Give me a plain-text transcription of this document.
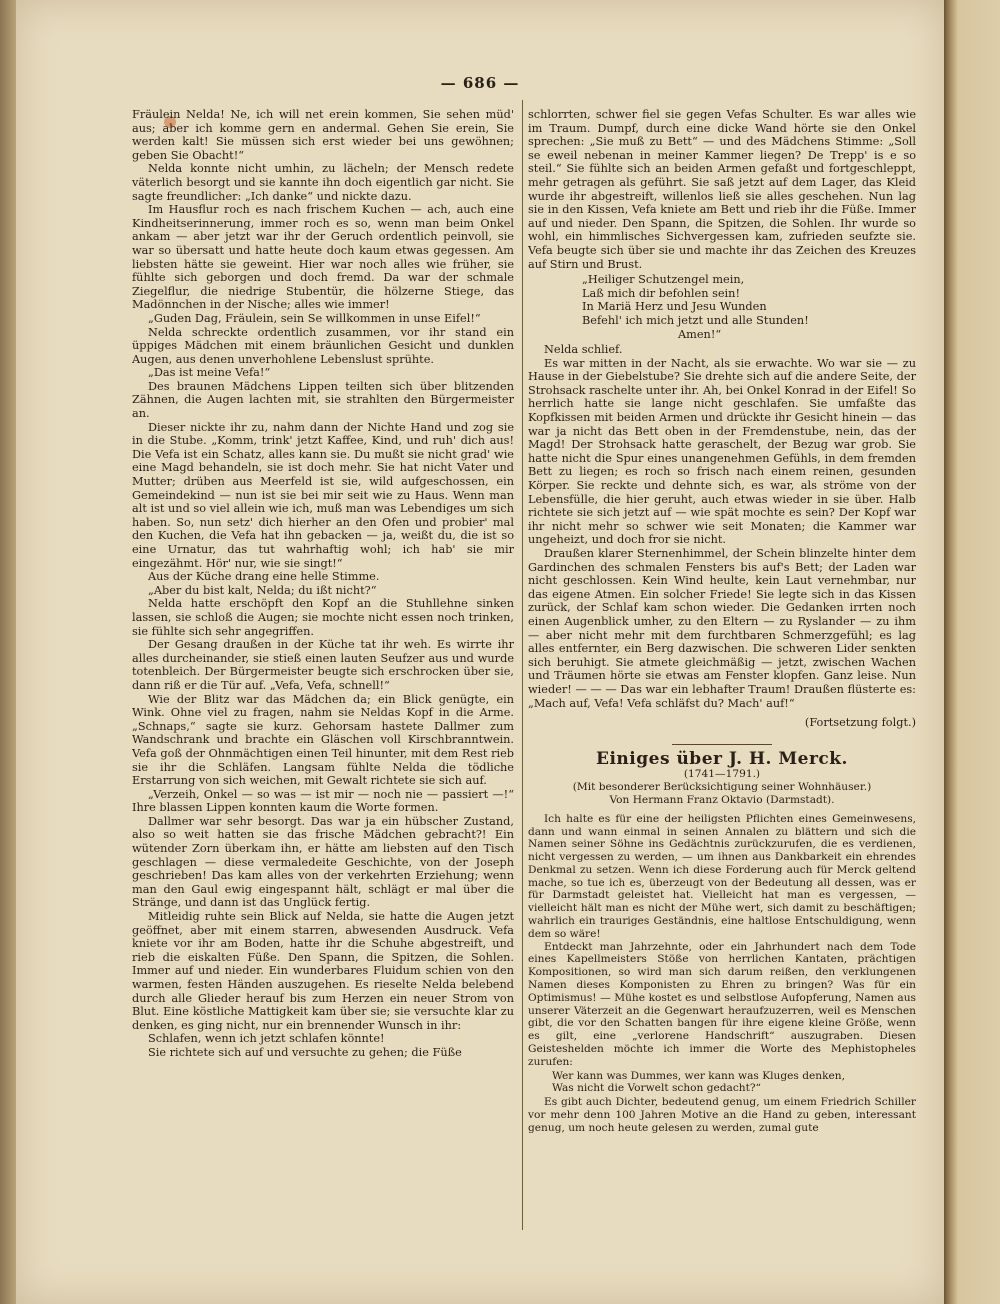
— 686 —

Fräulein Nelda! Ne, ich will net erein kommen, Sie sehen müd' aus; aber ich komme gern en andermal. Gehen Sie erein, Sie werden kalt! Sie müssen sich erst wieder bei uns gewöhnen; geben Sie Obacht!“

Nelda konnte nicht umhin, zu lächeln; der Mensch redete väterlich besorgt und sie kannte ihn doch eigentlich gar nicht. Sie sagte freundlicher: „Ich danke“ und nickte dazu.

Im Hausflur roch es nach frischem Kuchen — ach, auch eine Kindheitserinnerung, immer roch es so, wenn man beim Onkel ankam — aber jetzt war ihr der Geruch ordentlich peinvoll, sie war so übersatt und hatte heute doch kaum etwas gegessen. Am liebsten hätte sie geweint. Hier war noch alles wie früher, sie fühlte sich geborgen und doch fremd. Da war der schmale Ziegelflur, die niedrige Stubentür, die hölzerne Stiege, das Madönnchen in der Nische; alles wie immer!

„Guden Dag, Fräulein, sein Se willkommen in unse Eifel!“

Nelda schreckte ordentlich zusammen, vor ihr stand ein üppiges Mädchen mit einem bräunlichen Gesicht und dunklen Augen, aus denen unverhohlene Lebenslust sprühte.

„Das ist meine Vefa!“

Des braunen Mädchens Lippen teilten sich über blitzenden Zähnen, die Augen lachten mit, sie strahlten den Bürgermeister an.

Dieser nickte ihr zu, nahm dann der Nichte Hand und zog sie in die Stube. „Komm, trink' jetzt Kaffee, Kind, und ruh' dich aus! Die Vefa ist ein Schatz, alles kann sie. Du mußt sie nicht grad' wie eine Magd behandeln, sie ist doch mehr. Sie hat nicht Vater und Mutter; drüben aus Meerfeld ist sie, wild aufgeschossen, ein Gemeindekind — nun ist sie bei mir seit wie zu Haus. Wenn man alt ist und so viel allein wie ich, muß man was Lebendiges um sich haben. So, nun setz' dich hierher an den Ofen und probier' mal den Kuchen, die Vefa hat ihn gebacken — ja, weißt du, die ist so eine Urnatur, das tut wahrhaftig wohl; ich hab' sie mir eingezähmt. Hör' nur, wie sie singt!“

Aus der Küche drang eine helle Stimme.

„Aber du bist kalt, Nelda; du ißt nicht?“

Nelda hatte erschöpft den Kopf an die Stuhllehne sinken lassen, sie schloß die Augen; sie mochte nicht essen noch trinken, sie fühlte sich sehr angegriffen.

Der Gesang draußen in der Küche tat ihr weh. Es wirrte ihr alles durcheinander, sie stieß einen lauten Seufzer aus und wurde totenbleich. Der Bürgermeister beugte sich erschrocken über sie, dann riß er die Tür auf. „Vefa, Vefa, schnell!“

Wie der Blitz war das Mädchen da; ein Blick genügte, ein Wink. Ohne viel zu fragen, nahm sie Neldas Kopf in die Arme. „Schnaps,“ sagte sie kurz. Gehorsam hastete Dallmer zum Wandschrank und brachte ein Gläschen voll Kirschbranntwein. Vefa goß der Ohnmächtigen einen Teil hinunter, mit dem Rest rieb sie ihr die Schläfen. Langsam fühlte Nelda die tödliche Erstarrung von sich weichen, mit Gewalt richtete sie sich auf.

„Verzeih, Onkel — so was — ist mir — noch nie — passiert —!“ Ihre blassen Lippen konnten kaum die Worte formen.

Dallmer war sehr besorgt. Das war ja ein hübscher Zustand, also so weit hatten sie das frische Mädchen gebracht?! Ein wütender Zorn überkam ihn, er hätte am liebsten auf den Tisch geschlagen — diese vermaledeite Geschichte, von der Joseph geschrieben! Das kam alles von der verkehrten Erziehung; wenn man den Gaul ewig eingespannt hält, schlägt er mal über die Stränge, und dann ist das Unglück fertig.

Mitleidig ruhte sein Blick auf Nelda, sie hatte die Augen jetzt geöffnet, aber mit einem starren, abwesenden Ausdruck. Vefa kniete vor ihr am Boden, hatte ihr die Schuhe abgestreift, und rieb die eiskalten Füße. Den Spann, die Spitzen, die Sohlen. Immer auf und nieder. Ein wunderbares Fluidum schien von den warmen, festen Händen auszugehen. Es rieselte Nelda belebend durch alle Glieder herauf bis zum Herzen ein neuer Strom von Blut. Eine köstliche Mattigkeit kam über sie; sie versuchte klar zu denken, es ging nicht, nur ein brennender Wunsch in ihr:

Schlafen, wenn ich jetzt schlafen könnte!

Sie richtete sich auf und versuchte zu gehen; die Füße

schlorrten, schwer fiel sie gegen Vefas Schulter. Es war alles wie im Traum. Dumpf, durch eine dicke Wand hörte sie den Onkel sprechen: „Sie muß zu Bett“ — und des Mädchens Stimme: „Soll se eweil nebenan in meiner Kammer liegen? De Trepp' is e so steil.“ Sie fühlte sich an beiden Armen gefaßt und fortgeschleppt, mehr getragen als geführt. Sie saß jetzt auf dem Lager, das Kleid wurde ihr abgestreift, willenlos ließ sie alles geschehen. Nun lag sie in den Kissen, Vefa kniete am Bett und rieb ihr die Füße. Immer auf und nieder. Den Spann, die Spitzen, die Sohlen. Ihr wurde so wohl, ein himmlisches Sichvergessen kam, zufrieden seufzte sie. Vefa beugte sich über sie und machte ihr das Zeichen des Kreuzes auf Stirn und Brust.

„Heiliger Schutzengel mein,
Laß mich dir befohlen sein!
In Mariä Herz und Jesu Wunden
Befehl' ich mich jetzt und alle Stunden!
Amen!“

Nelda schlief.

Es war mitten in der Nacht, als sie erwachte. Wo war sie — zu Hause in der Giebelstube? Sie drehte sich auf die andere Seite, der Strohsack raschelte unter ihr. Ah, bei Onkel Konrad in der Eifel! So herrlich hatte sie lange nicht geschlafen. Sie umfaßte das Kopfkissen mit beiden Armen und drückte ihr Gesicht hinein — das war ja nicht das Bett oben in der Fremdenstube, nein, das der Magd! Der Strohsack hatte geraschelt, der Bezug war grob. Sie hatte nicht die Spur eines unangenehmen Gefühls, in dem fremden Bett zu liegen; es roch so frisch nach einem reinen, gesunden Körper. Sie reckte und dehnte sich, es war, als ströme von der Lebensfülle, die hier geruht, auch etwas wieder in sie über. Halb richtete sie sich jetzt auf — wie spät mochte es sein? Der Kopf war ihr nicht mehr so schwer wie seit Monaten; die Kammer war ungeheizt, und doch fror sie nicht.

Draußen klarer Sternenhimmel, der Schein blinzelte hinter dem Gardinchen des schmalen Fensters bis auf's Bett; der Laden war nicht geschlossen. Kein Wind heulte, kein Laut vernehmbar, nur das eigene Atmen. Ein solcher Friede! Sie legte sich in das Kissen zurück, der Schlaf kam schon wieder. Die Gedanken irrten noch einen Augenblick umher, zu den Eltern — zu Ryslander — zu ihm — aber nicht mehr mit dem furchtbaren Schmerzgefühl; es lag alles entfernter, ein Berg dazwischen. Die schweren Lider senkten sich beruhigt. Sie atmete gleichmäßig — jetzt, zwischen Wachen und Träumen hörte sie etwas am Fenster klopfen. Ganz leise. Nun wieder! — — — Das war ein lebhafter Traum! Draußen flüsterte es: „Mach auf, Vefa! Vefa schläfst du? Mach' auf!“

(Fortsetzung folgt.)

Einiges über J. H. Merck.

(1741—1791.)

(Mit besonderer Berücksichtigung seiner Wohnhäuser.)

Von Hermann Franz Oktavio (Darmstadt).

Ich halte es für eine der heiligsten Pflichten eines Gemeinwesens, dann und wann einmal in seinen Annalen zu blättern und sich die Namen seiner Söhne ins Gedächtnis zurückzurufen, die es verdienen, nicht vergessen zu werden, — um ihnen aus Dankbarkeit ein ehrendes Denkmal zu setzen. Wenn ich diese Forderung auch für Merck geltend mache, so tue ich es, überzeugt von der Bedeutung all dessen, was er für Darmstadt geleistet hat. Vielleicht hat man es vergessen, — vielleicht hält man es nicht der Mühe wert, sich damit zu beschäftigen; wahrlich ein trauriges Geständnis, eine haltlose Entschuldigung, wenn dem so wäre!

Entdeckt man Jahrzehnte, oder ein Jahrhundert nach dem Tode eines Kapellmeisters Stöße von herrlichen Kantaten, prächtigen Kompositionen, so wird man sich darum reißen, den verklungenen Namen dieses Komponisten zu Ehren zu bringen? Was für ein Optimismus! — Mühe kostet es und selbstlose Aufopferung, Namen aus unserer Väterzeit an die Gegenwart heraufzuzerren, weil es Menschen gibt, die vor den Schatten bangen für ihre eigene kleine Größe, wenn es gilt, eine „verlorene Handschrift“ auszugraben. Diesen Geisteshelden möchte ich immer die Worte des Mephistopheles zurufen:

Wer kann was Dummes, wer kann was Kluges denken,
Was nicht die Vorwelt schon gedacht?“

Es gibt auch Dichter, bedeutend genug, um einem Friedrich Schiller vor mehr denn 100 Jahren Motive an die Hand zu geben, interessant genug, um noch heute gelesen zu werden, zumal gute
